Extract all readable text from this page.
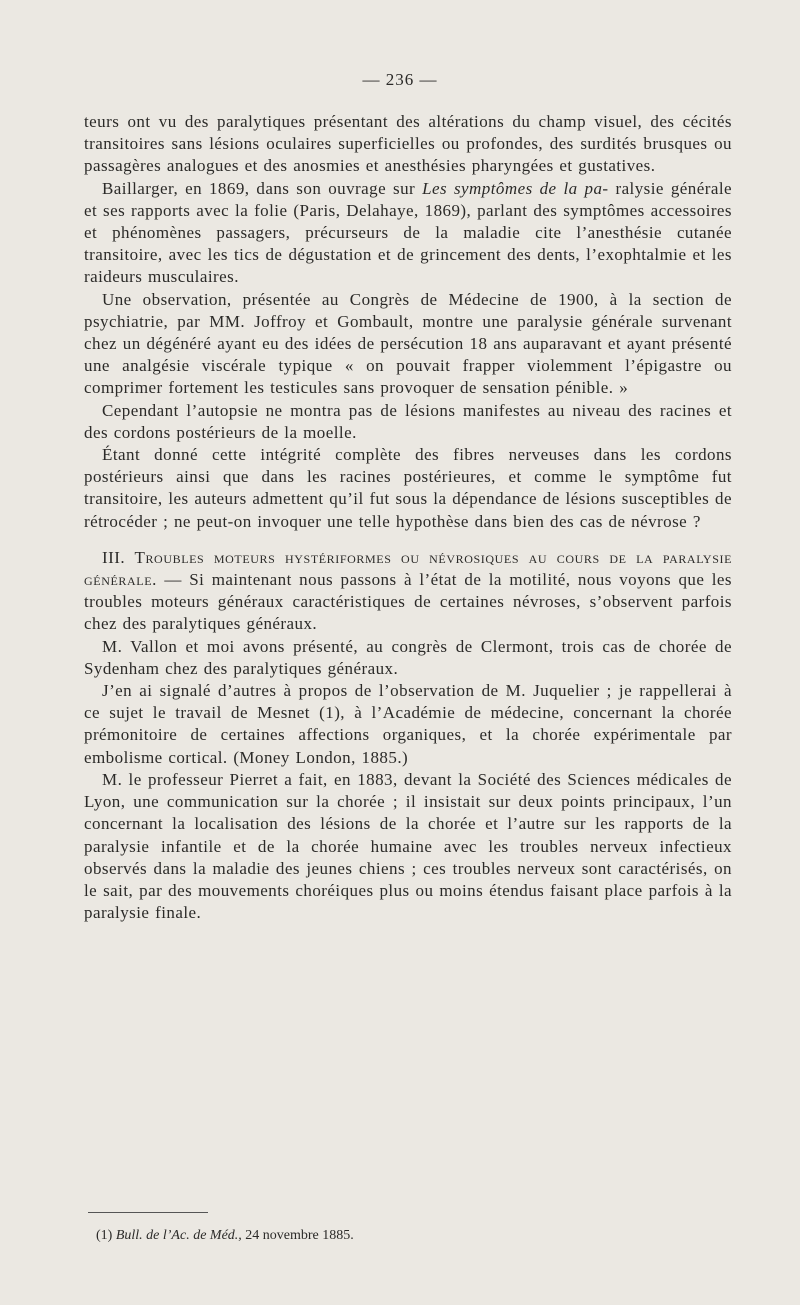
— 236 —

teurs ont vu des paralytiques présentant des altérations du champ visuel, des cécités transitoires sans lésions oculaires superficielles ou profondes, des surdités brusques ou passagères analogues et des anosmies et anesthésies pharyngées et gustatives.

Baillarger, en 1869, dans son ouvrage sur Les symptômes de la pa- ralysie générale et ses rapports avec la folie (Paris, Delahaye, 1869), parlant des symptômes accessoires et phénomènes passagers, précurseurs de la maladie cite l’anesthésie cutanée transitoire, avec les tics de dégustation et de grincement des dents, l’exophtalmie et les raideurs musculaires.

Une observation, présentée au Congrès de Médecine de 1900, à la section de psychiatrie, par MM. Joffroy et Gombault, montre une paralysie générale survenant chez un dégénéré ayant eu des idées de persécution 18 ans auparavant et ayant présenté une analgésie viscérale typique « on pouvait frapper violemment l’épigastre ou comprimer fortement les testicules sans provoquer de sensation pénible. »

Cependant l’autopsie ne montra pas de lésions manifestes au niveau des racines et des cordons postérieurs de la moelle.

Étant donné cette intégrité complète des fibres nerveuses dans les cordons postérieurs ainsi que dans les racines postérieures, et comme le symptôme fut transitoire, les auteurs admettent qu’il fut sous la dépendance de lésions susceptibles de rétrocéder ; ne peut-on invoquer une telle hypothèse dans bien des cas de névrose ?

III. Troubles moteurs hystériformes ou névrosiques au cours de la paralysie générale. — Si maintenant nous passons à l’état de la motilité, nous voyons que les troubles moteurs généraux caractéristiques de certaines névroses, s’observent parfois chez des paralytiques généraux.

M. Vallon et moi avons présenté, au congrès de Clermont, trois cas de chorée de Sydenham chez des paralytiques généraux.

J’en ai signalé d’autres à propos de l’observation de M. Juquelier ; je rappellerai à ce sujet le travail de Mesnet (1), à l’Académie de médecine, concernant la chorée prémonitoire de certaines affections organiques, et la chorée expérimentale par embolisme cortical. (Money London, 1885.)

M. le professeur Pierret a fait, en 1883, devant la Société des Sciences médicales de Lyon, une communication sur la chorée ; il insistait sur deux points principaux, l’un concernant la localisation des lésions de la chorée et l’autre sur les rapports de la paralysie infantile et de la chorée humaine avec les troubles nerveux infectieux observés dans la maladie des jeunes chiens ; ces troubles nerveux sont caractérisés, on le sait, par des mouvements choréiques plus ou moins étendus faisant place parfois à la paralysie finale.

(1) Bull. de l’Ac. de Méd., 24 novembre 1885.
